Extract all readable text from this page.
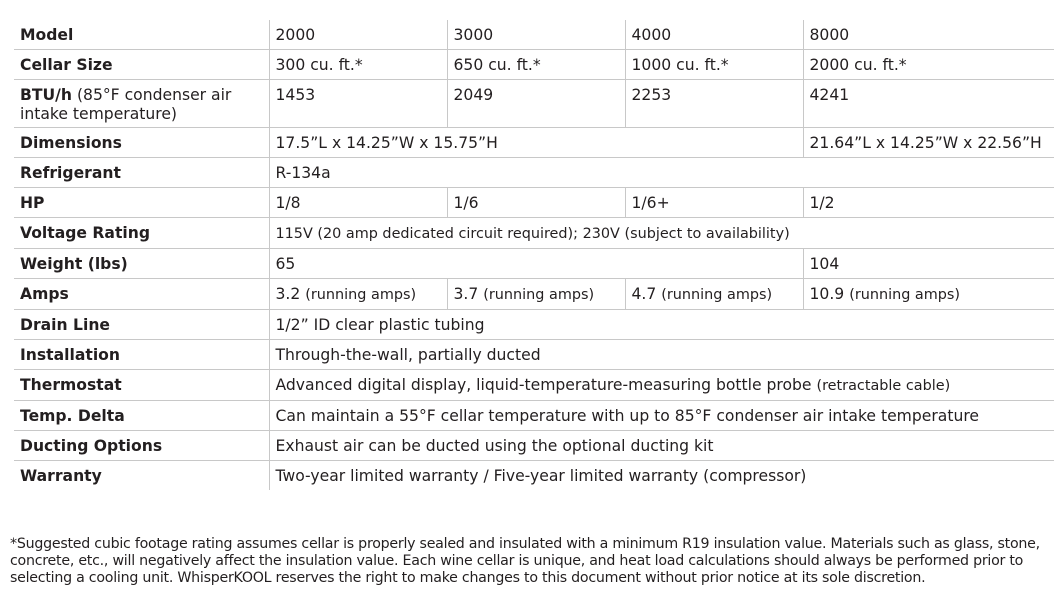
Model	2000	3000	4000	8000
Cellar Size	300 cu. ft.*	650 cu. ft.*	1000 cu. ft.*	2000 cu. ft.*
BTU/h (85°F condenser air intake temperature)	1453	2049	2253	4241
Dimensions	17.5”L x 14.25”W x 15.75”H			21.64”L x 14.25”W x 22.56”H
Refrigerant	R-134a			
HP	1/8	1/6	1/6+	1/2
Voltage Rating	115V (20 amp dedicated circuit required); 230V (subject to availability)			
Weight (lbs)	65			104
Amps	3.2 (running amps)	3.7 (running amps)	4.7 (running amps)	10.9 (running amps)
Drain Line	1/2” ID clear plastic tubing			
Installation	Through-the-wall, partially ducted			
Thermostat	Advanced digital display, liquid-temperature-measuring bottle probe (retractable cable)			
Temp. Delta	Can maintain a 55°F cellar temperature with up to 85°F condenser air intake temperature			
Ducting Options	Exhaust air can be ducted using the optional ducting kit			
Warranty	Two-year limited warranty / Five-year limited warranty (compressor)			

*Suggested cubic footage rating assumes cellar is properly sealed and insulated with a minimum R19 insulation value. Materials such as glass, stone, concrete, etc., will negatively affect the insulation value. Each wine cellar is unique, and heat load calculations should always be performed prior to selecting a cooling unit. WhisperKOOL reserves the right to make changes to this document without prior notice at its sole discretion.
